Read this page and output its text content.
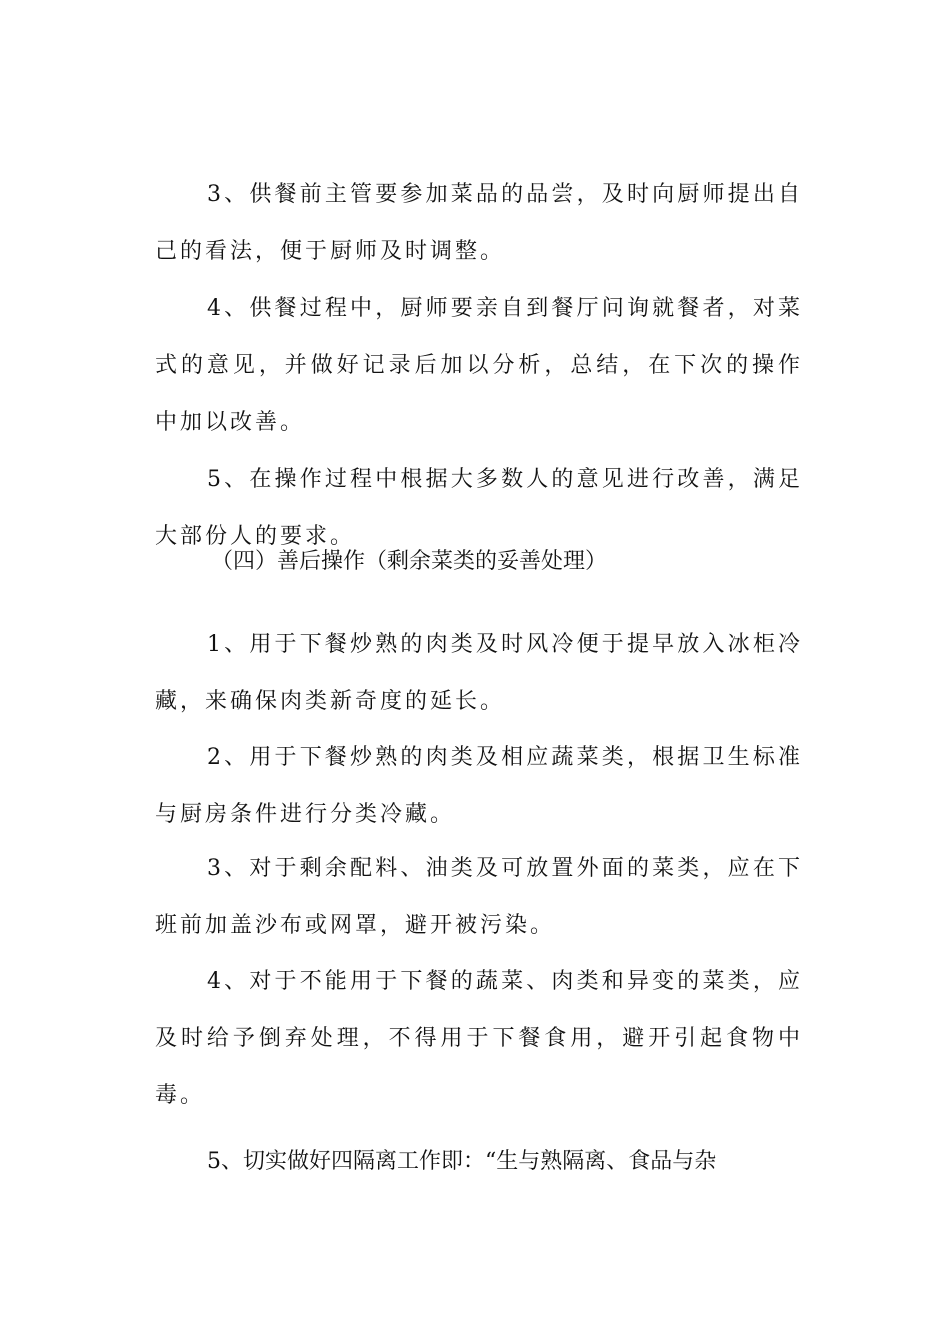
3、供餐前主管要参加菜品的品尝，及时向厨师提出自己的看法，便于厨师及时调整。

4、供餐过程中，厨师要亲自到餐厅问询就餐者，对菜式的意见，并做好记录后加以分析，总结，在下次的操作中加以改善。

5、在操作过程中根据大多数人的意见进行改善，满足大部份人的要求。

（四）善后操作（剩余菜类的妥善处理）

1、用于下餐炒熟的肉类及时风冷便于提早放入冰柜冷藏，来确保肉类新奇度的延长。

2、用于下餐炒熟的肉类及相应蔬菜类，根据卫生标准与厨房条件进行分类冷藏。

3、对于剩余配料、油类及可放置外面的菜类，应在下班前加盖沙布或网罩，避开被污染。

4、对于不能用于下餐的蔬菜、肉类和异变的菜类，应及时给予倒弃处理，不得用于下餐食用，避开引起食物中毒。

5、切实做好四隔离工作即：“生与熟隔离、食品与杂
